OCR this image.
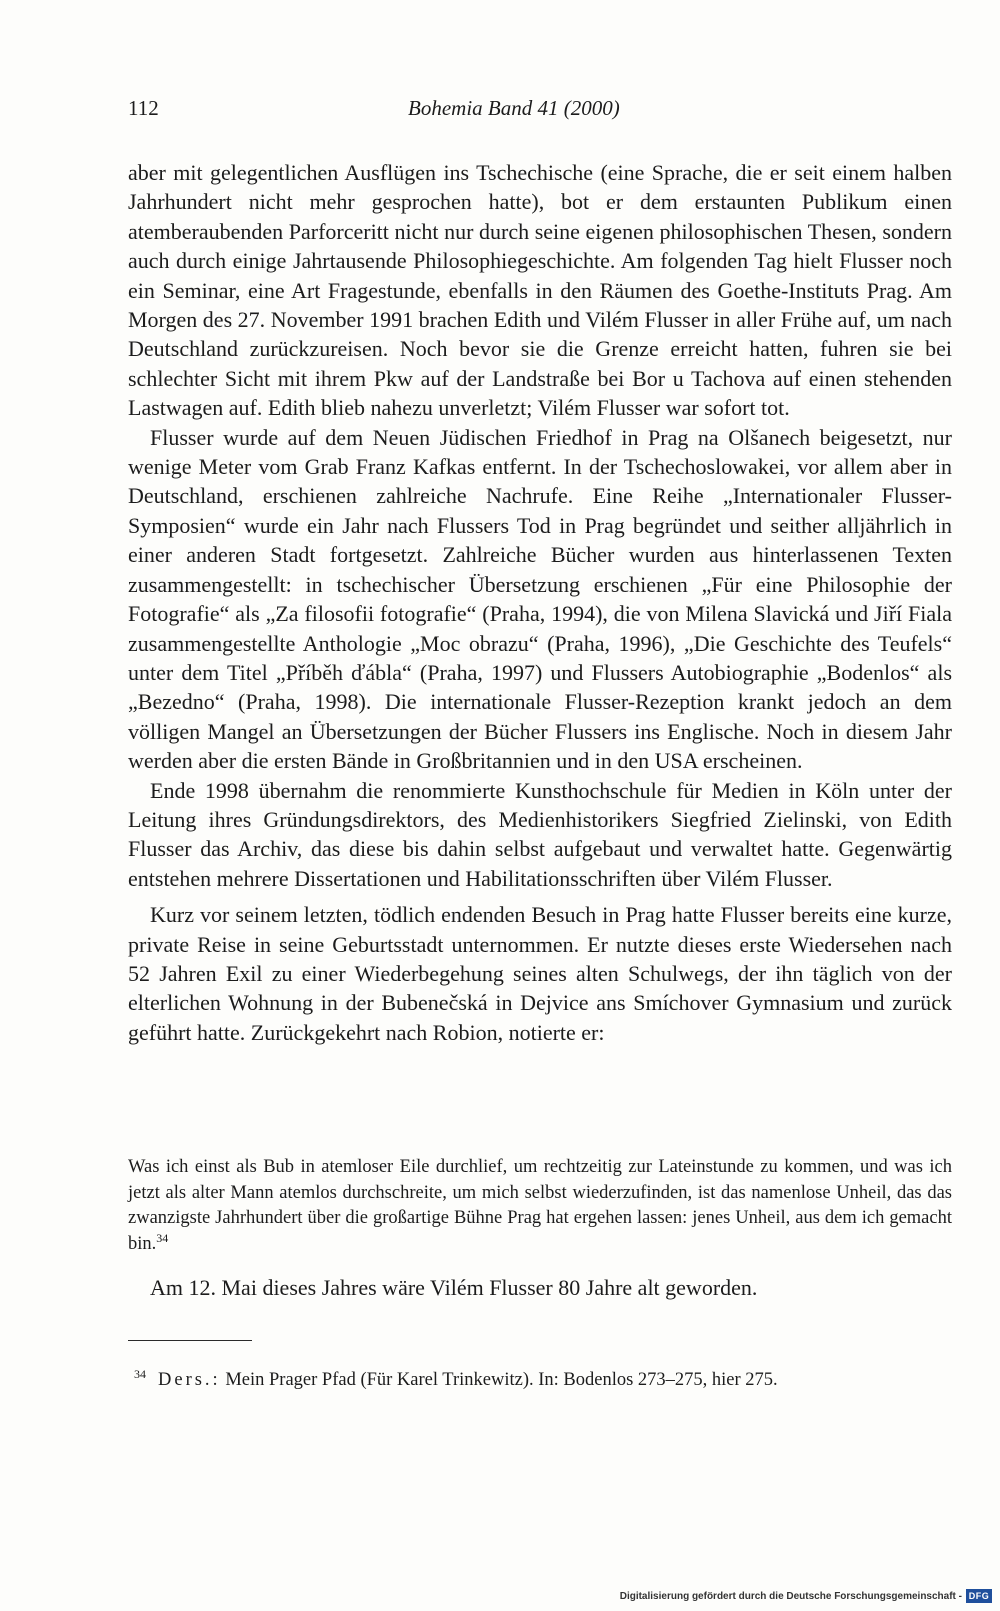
112	Bohemia Band 41 (2000)

aber mit gelegentlichen Ausflügen ins Tschechische (eine Sprache, die er seit einem halben Jahrhundert nicht mehr gesprochen hatte), bot er dem erstaunten Publikum einen atemberaubenden Parforceritt nicht nur durch seine eigenen philosophischen Thesen, sondern auch durch einige Jahrtausende Philosophiegeschichte. Am folgenden Tag hielt Flusser noch ein Seminar, eine Art Fragestunde, ebenfalls in den Räumen des Goethe-Instituts Prag. Am Morgen des 27. November 1991 brachen Edith und Vilém Flusser in aller Frühe auf, um nach Deutschland zurückzureisen. Noch bevor sie die Grenze erreicht hatten, fuhren sie bei schlechter Sicht mit ihrem Pkw auf der Landstraße bei Bor u Tachova auf einen stehenden Lastwagen auf. Edith blieb nahezu unverletzt; Vilém Flusser war sofort tot.

Flusser wurde auf dem Neuen Jüdischen Friedhof in Prag na Olšanech beigesetzt, nur wenige Meter vom Grab Franz Kafkas entfernt. In der Tschechoslowakei, vor allem aber in Deutschland, erschienen zahlreiche Nachrufe. Eine Reihe „Internationaler Flusser-Symposien“ wurde ein Jahr nach Flussers Tod in Prag begründet und seither alljährlich in einer anderen Stadt fortgesetzt. Zahlreiche Bücher wurden aus hinterlassenen Texten zusammengestellt: in tschechischer Übersetzung erschienen „Für eine Philosophie der Fotografie“ als „Za filosofii fotografie“ (Praha, 1994), die von Milena Slavická und Jiří Fiala zusammengestellte Anthologie „Moc obrazu“ (Praha, 1996), „Die Geschichte des Teufels“ unter dem Titel „Příběh ďábla“ (Praha, 1997) und Flussers Autobiographie „Bodenlos“ als „Bezedno“ (Praha, 1998). Die internationale Flusser-Rezeption krankt jedoch an dem völligen Mangel an Übersetzungen der Bücher Flussers ins Englische. Noch in diesem Jahr werden aber die ersten Bände in Großbritannien und in den USA erscheinen.

Ende 1998 übernahm die renommierte Kunsthochschule für Medien in Köln unter der Leitung ihres Gründungsdirektors, des Medienhistorikers Siegfried Zielinski, von Edith Flusser das Archiv, das diese bis dahin selbst aufgebaut und verwaltet hatte. Gegenwärtig entstehen mehrere Dissertationen und Habilitationsschriften über Vilém Flusser.

Kurz vor seinem letzten, tödlich endenden Besuch in Prag hatte Flusser bereits eine kurze, private Reise in seine Geburtsstadt unternommen. Er nutzte dieses erste Wiedersehen nach 52 Jahren Exil zu einer Wiederbegehung seines alten Schulwegs, der ihn täglich von der elterlichen Wohnung in der Bubenečská in Dejvice ans Smíchover Gymnasium und zurück geführt hatte. Zurückgekehrt nach Robion, notierte er:

Was ich einst als Bub in atemloser Eile durchlief, um rechtzeitig zur Lateinstunde zu kommen, und was ich jetzt als alter Mann atemlos durchschreite, um mich selbst wiederzufinden, ist das namenlose Unheil, das das zwanzigste Jahrhundert über die großartige Bühne Prag hat ergehen lassen: jenes Unheil, aus dem ich gemacht bin.$^{34}$

Am 12. Mai dieses Jahres wäre Vilém Flusser 80 Jahre alt geworden.

$^{34}$ Ders.: Mein Prager Pfad (Für Karel Trinkewitz). In: Bodenlos 273–275, hier 275.

Digitalisierung gefördert durch die Deutsche Forschungsgemeinschaft - DFG
